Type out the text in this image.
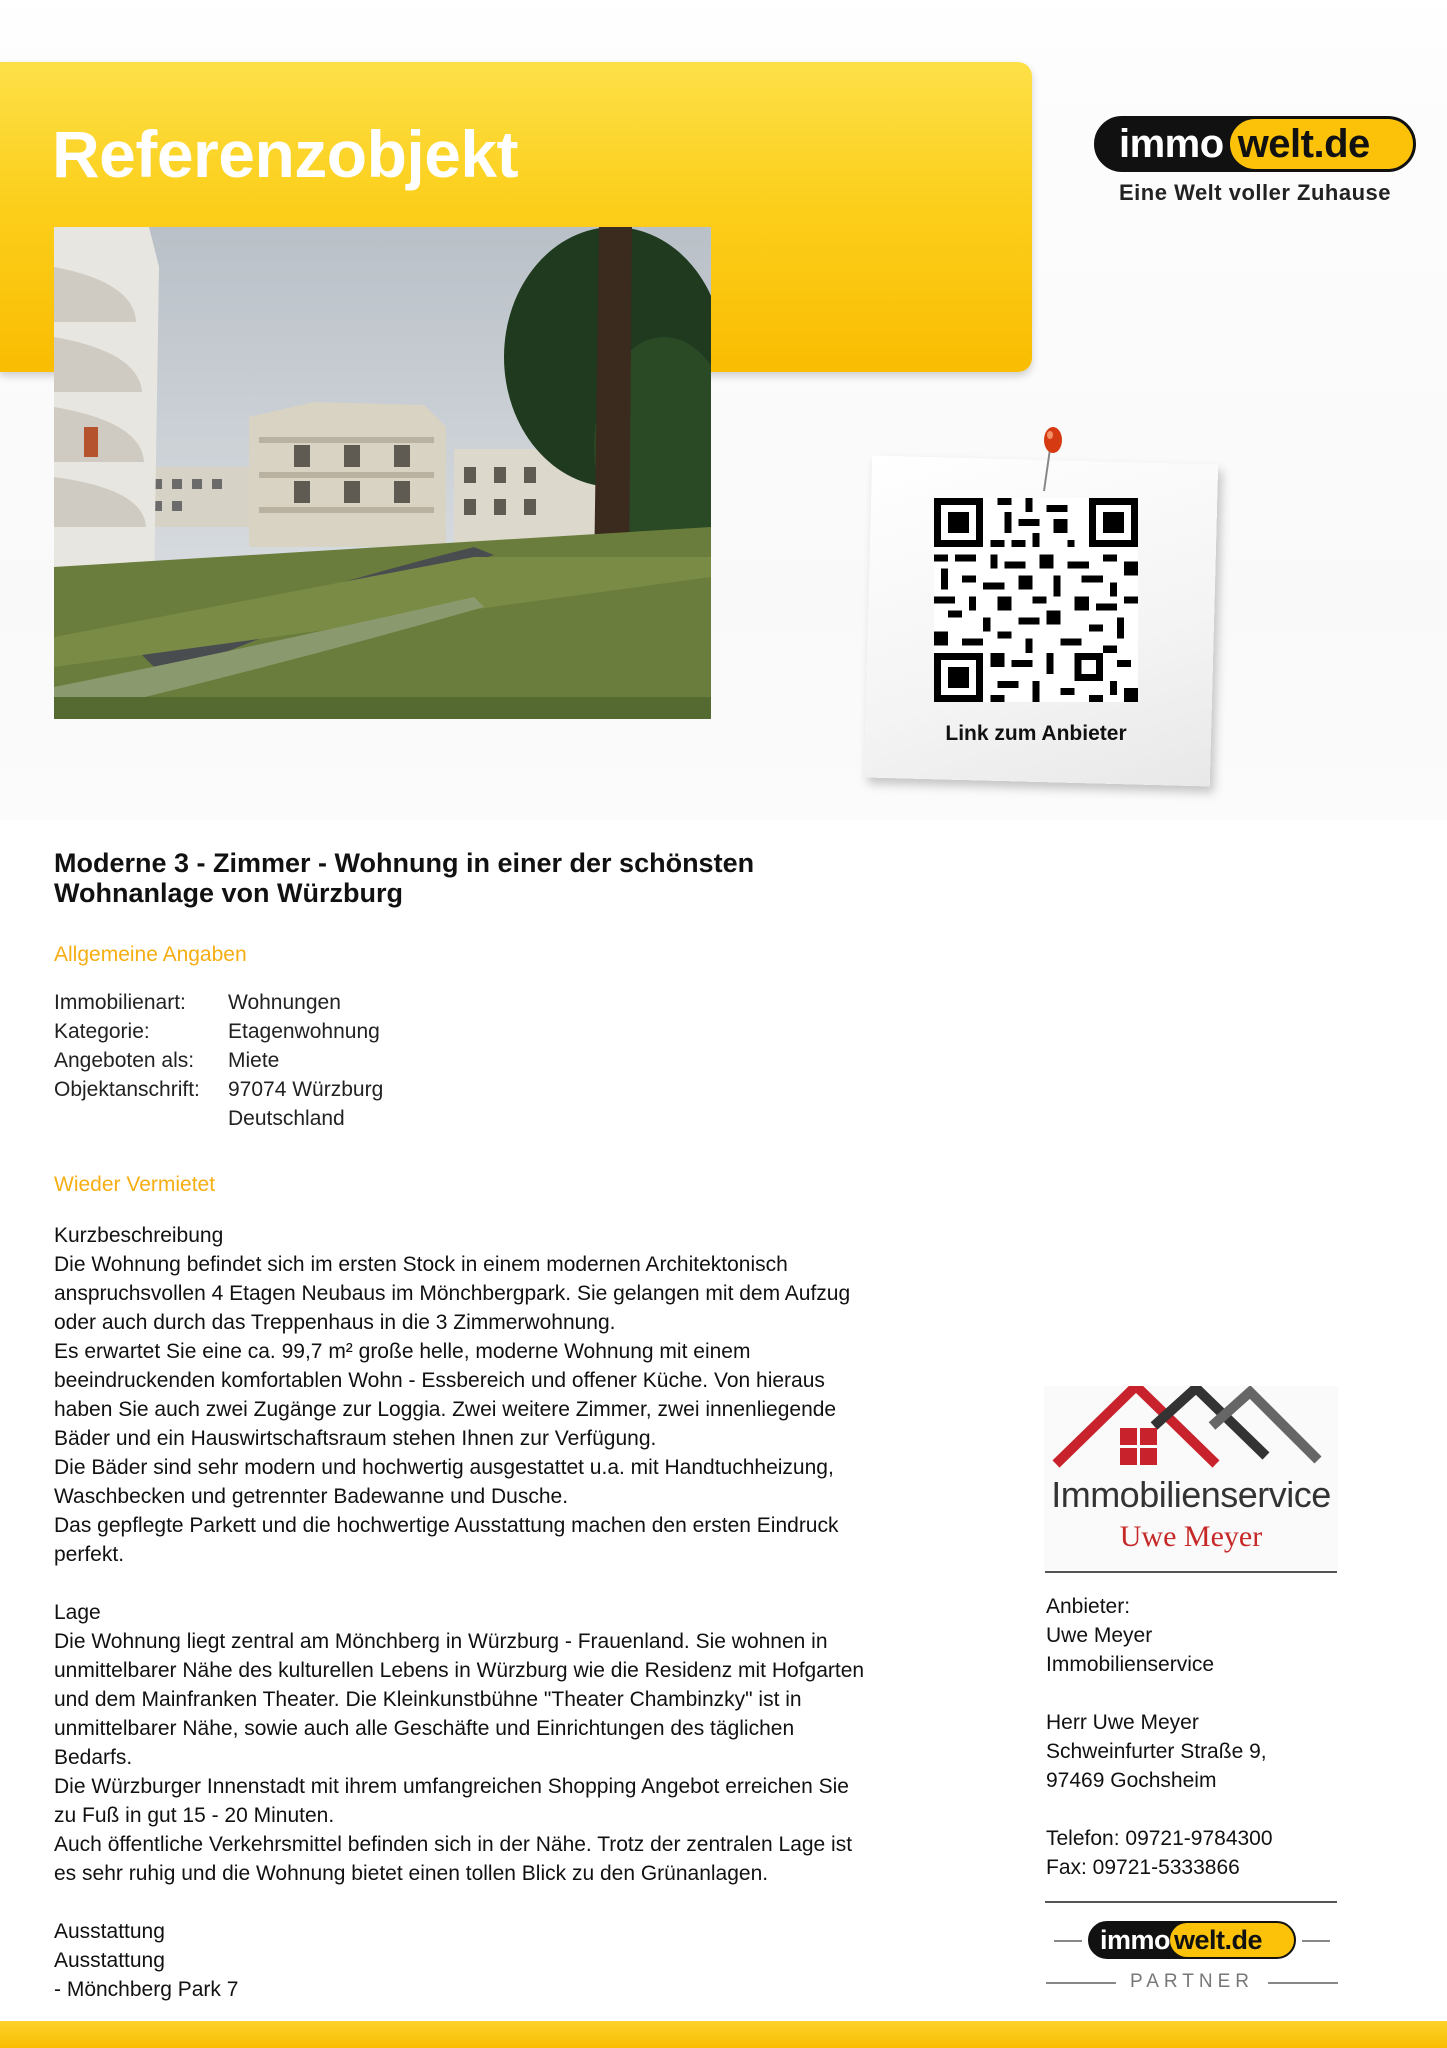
Referenzobjekt	immo welt.de
Eine Welt voller Zuhause
Link zum Anbieter
Moderne 3 - Zimmer - Wohnung in einer der schönsten
Wohnanlage von Würzburg
Allgemeine Angaben
Immobilienart:	Wohnungen
Kategorie:	Etagenwohnung
Angeboten als:	Miete
Objektanschrift:	97074 Würzburg
Deutschland
Wieder Vermietet

Kurzbeschreibung

Die Wohnung befindet sich im ersten Stock in einem modernen Architektonisch

anspruchsvollen 4 Etagen Neubaus im Mönchbergpark. Sie gelangen mit dem Aufzug

oder auch durch das Treppenhaus in die 3 Zimmerwohnung.

Es erwartet Sie eine ca. 99,7 m² große helle, moderne Wohnung mit einem

beeindruckenden komfortablen Wohn - Essbereich und offener Küche. Von hieraus

haben Sie auch zwei Zugänge zur Loggia. Zwei weitere Zimmer, zwei innenliegende

Bäder und ein Hauswirtschaftsraum stehen Ihnen zur Verfügung.

Die Bäder sind sehr modern und hochwertig ausgestattet u.a. mit Handtuchheizung,

Waschbecken und getrennter Badewanne und Dusche.

Das gepflegte Parkett und die hochwertige Ausstattung machen den ersten Eindruck

perfekt.

Lage

Die Wohnung liegt zentral am Mönchberg in Würzburg - Frauenland. Sie wohnen in

unmittelbarer Nähe des kulturellen Lebens in Würzburg wie die Residenz mit Hofgarten

und dem Mainfranken Theater. Die Kleinkunstbühne "Theater Chambinzky" ist in

unmittelbarer Nähe, sowie auch alle Geschäfte und Einrichtungen des täglichen

Bedarfs.

Die Würzburger Innenstadt mit ihrem umfangreichen Shopping Angebot erreichen Sie

zu Fuß in gut 15 - 20 Minuten.

Auch öffentliche Verkehrsmittel befinden sich in der Nähe. Trotz der zentralen Lage ist

es sehr ruhig und die Wohnung bietet einen tollen Blick zu den Grünanlagen.

Ausstattung

Ausstattung

- Mönchberg Park 7

Immobilienservice
Uwe Meyer
Anbieter:
Uwe Meyer
Immobilienservice
Herr Uwe Meyer
Schweinfurter Straße 9,
97469 Gochsheim
Telefon: 09721-9784300
Fax: 09721-5333866
immo welt.de
PARTNER
